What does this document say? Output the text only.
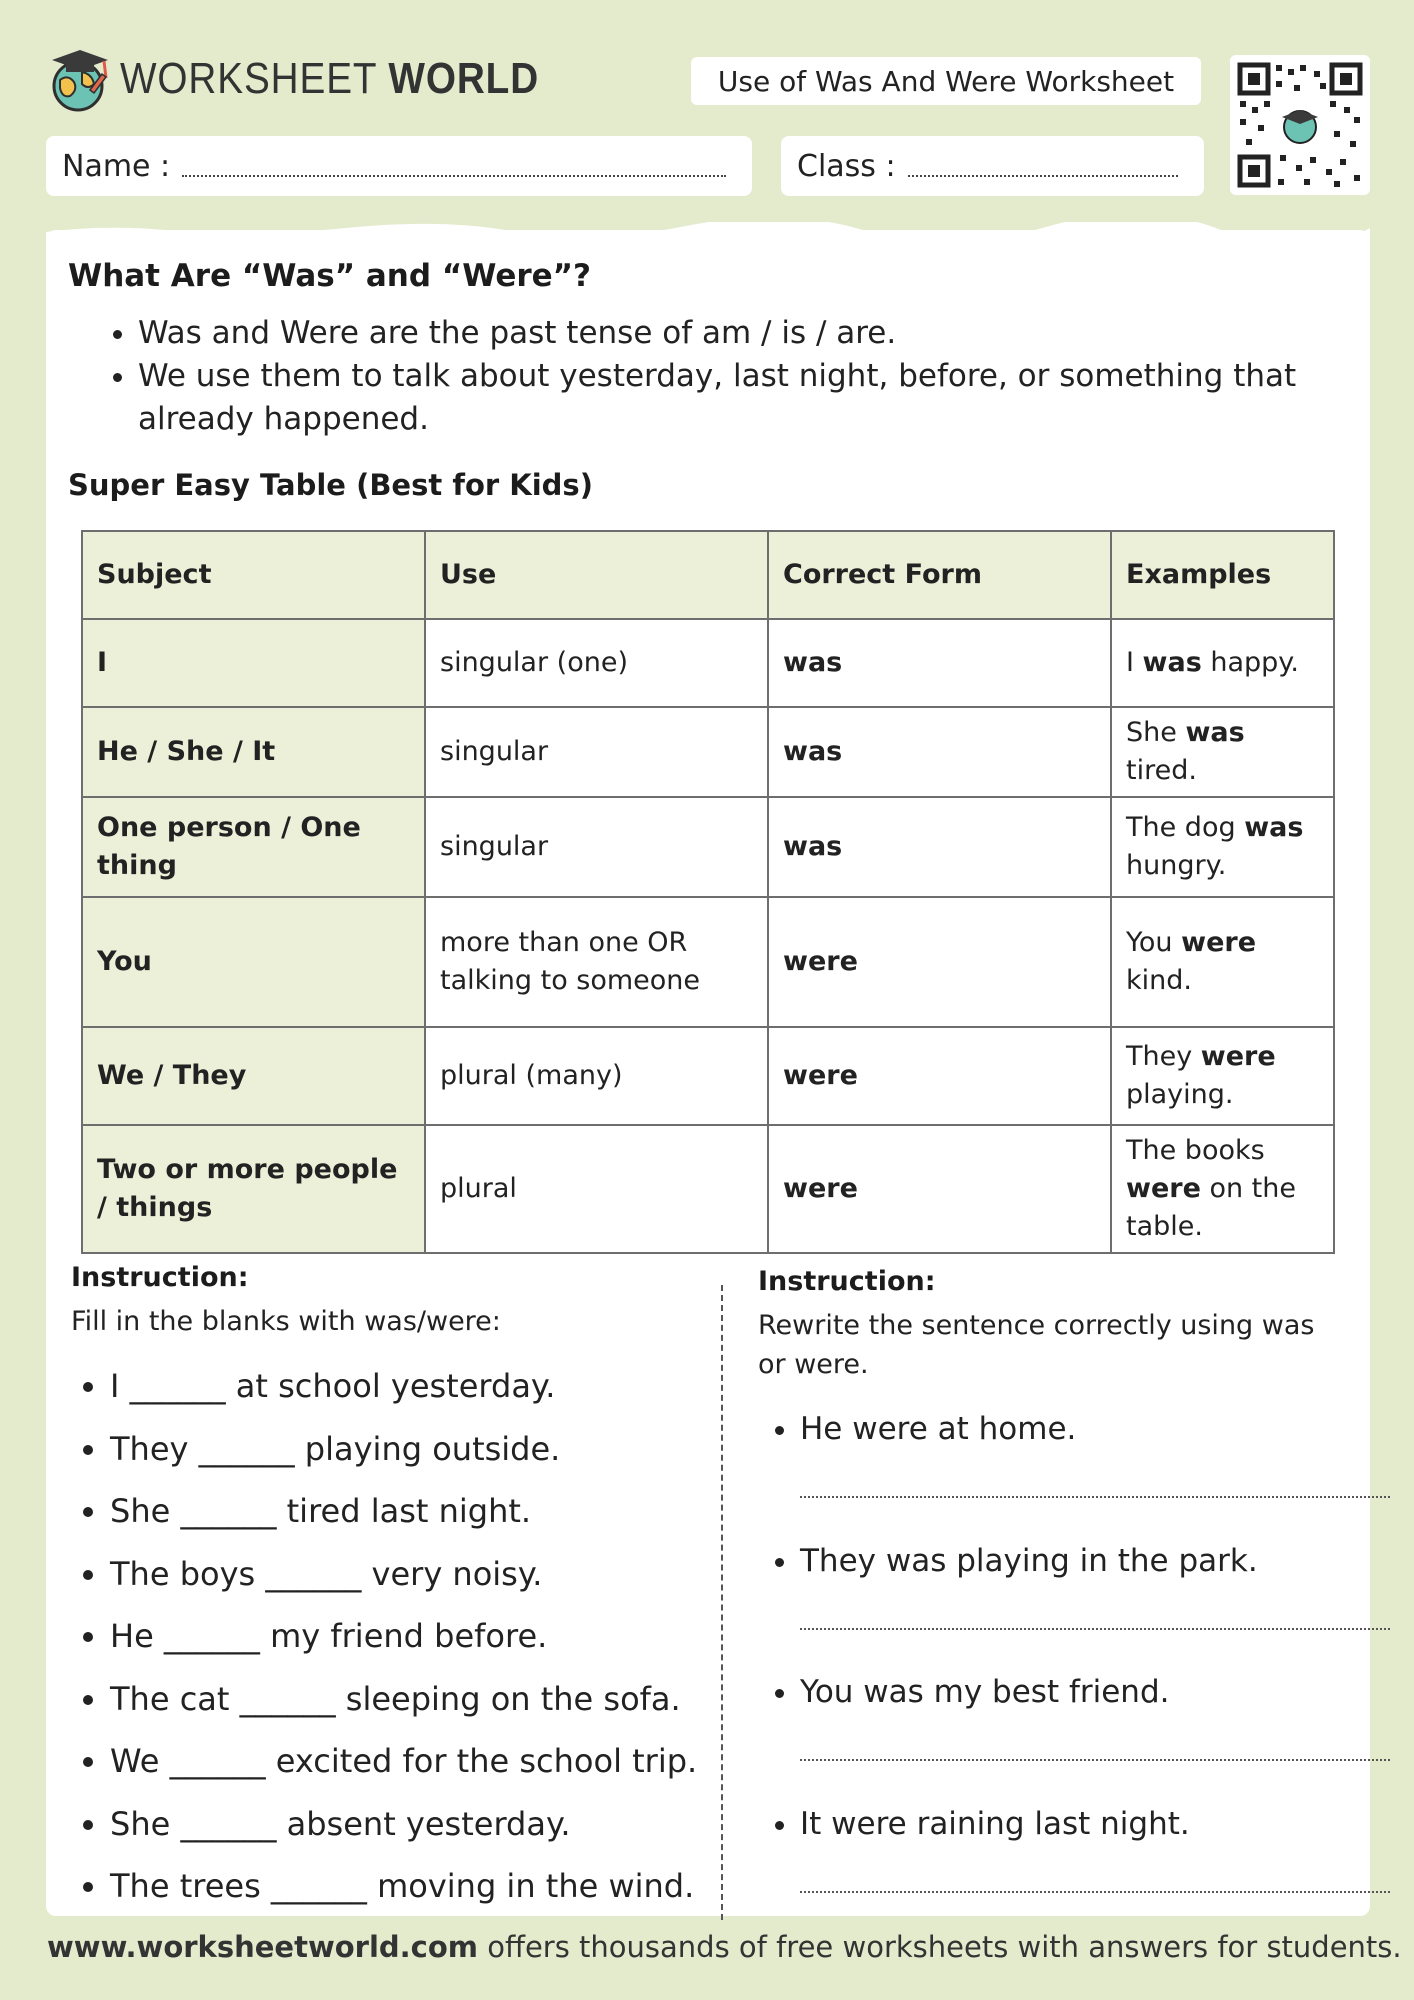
WORKSHEET WORLD	Use of Was And Were Worksheet
Name :	Class :
What Are “Was” and “Were”?
• Was and Were are the past tense of am / is / are.
• We use them to talk about yesterday, last night, before, or something that already happened.
Super Easy Table (Best for Kids)
Subject	Use	Correct Form	Examples
I	singular (one)	was	I was happy.
He / She / It	singular	was	She was tired.
One person / One thing	singular	was	The dog was hungry.
You	more than one OR talking to someone	were	You were kind.
We / They	plural (many)	were	They were playing.
Two or more people / things	plural	were	The books were on the table.
Instruction:
Fill in the blanks with was/were:
• I ______ at school yesterday.
• They ______ playing outside.
• She ______ tired last night.
• The boys ______ very noisy.
• He ______ my friend before.
• The cat ______ sleeping on the sofa.
• We ______ excited for the school trip.
• She ______ absent yesterday.
• The trees ______ moving in the wind.
Instruction:
Rewrite the sentence correctly using was or were.
• He were at home.
• They was playing in the park.
• You was my best friend.
• It were raining last night.
www.worksheetworld.com offers thousands of free worksheets with answers for students.
